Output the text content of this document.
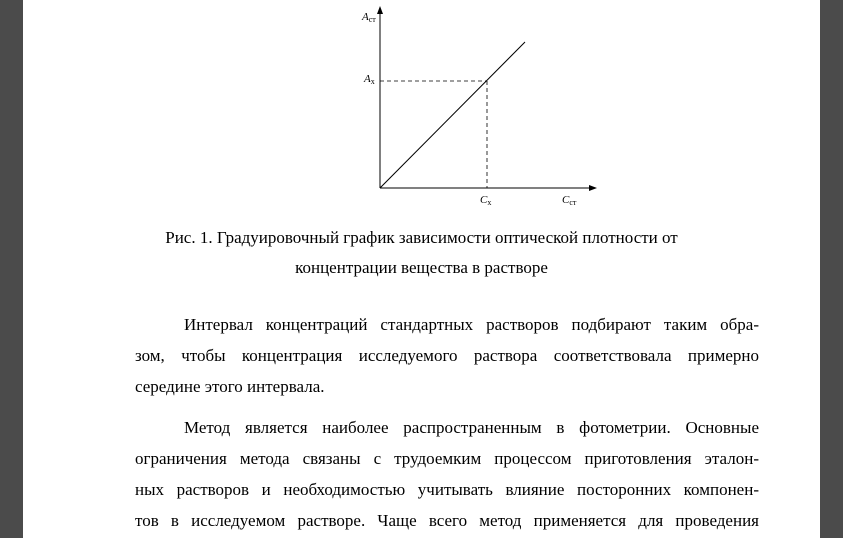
Aст
Ax
Cx	Cст
Рис. 1. Градуировочный график зависимости оптической плотности от
концентрации вещества в растворе
Интервал концентраций стандартных растворов подбирают таким обра-
зом, чтобы концентрация исследуемого раствора соответствовала примерно
середине этого интервала.
Метод является наиболее распространенным в фотометрии. Основные
ограничения метода связаны с трудоемким процессом приготовления эталон-
ных растворов и необходимостью учитывать влияние посторонних компонен-
тов в исследуемом растворе. Чаще всего метод применяется для проведения
